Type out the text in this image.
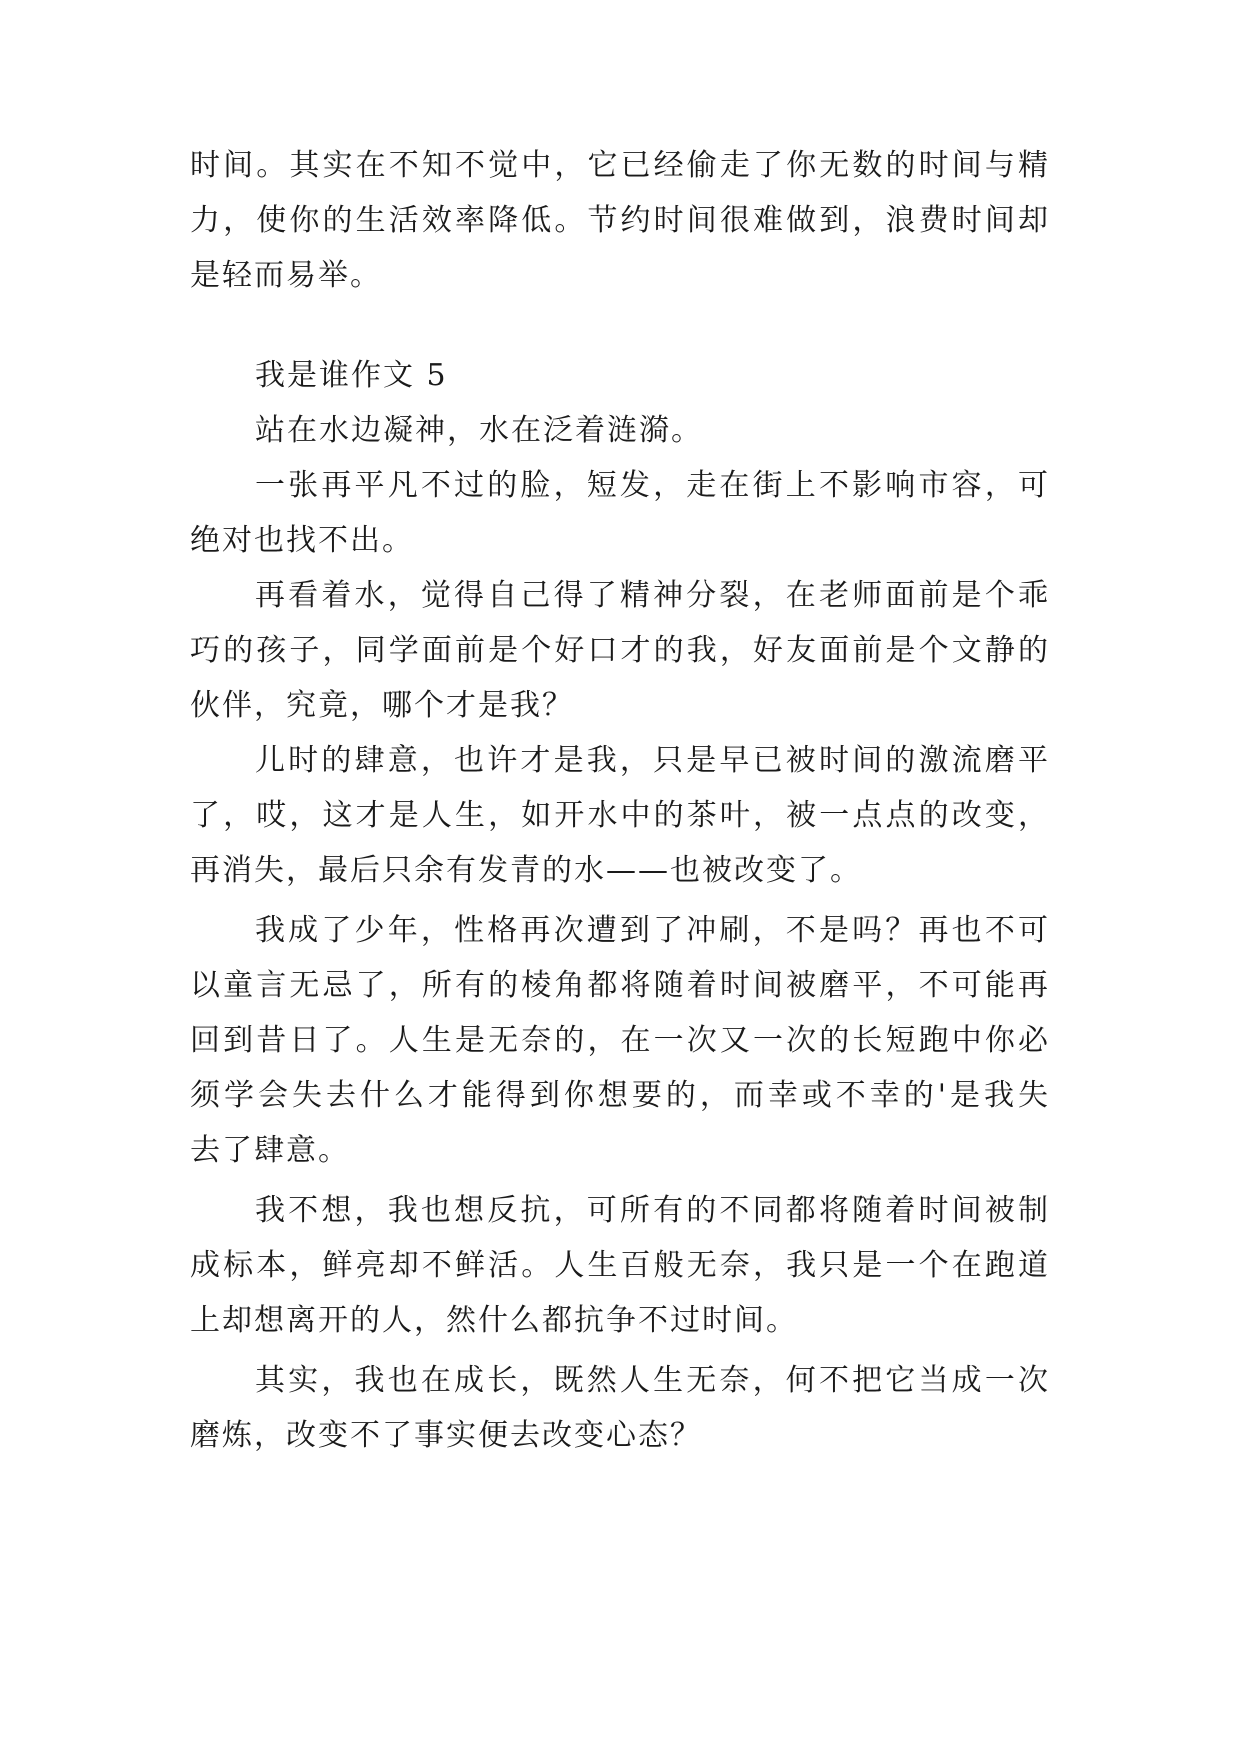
时间。其实在不知不觉中，它已经偷走了你无数的时间与精
力，使你的生活效率降低。节约时间很难做到，浪费时间却
是轻而易举。
我是谁作文 5
站在水边凝神，水在泛着涟漪。
一张再平凡不过的脸，短发，走在街上不影响市容，可
绝对也找不出。
再看着水，觉得自己得了精神分裂，在老师面前是个乖
巧的孩子，同学面前是个好口才的我，好友面前是个文静的
伙伴，究竟，哪个才是我？
儿时的肆意，也许才是我，只是早已被时间的激流磨平
了，哎，这才是人生，如开水中的茶叶，被一点点的改变，
再消失，最后只余有发青的水——也被改变了。
我成了少年，性格再次遭到了冲刷，不是吗？再也不可
以童言无忌了，所有的棱角都将随着时间被磨平，不可能再
回到昔日了。人生是无奈的，在一次又一次的长短跑中你必
须学会失去什么才能得到你想要的，而幸或不幸的'是我失
去了肆意。
我不想，我也想反抗，可所有的不同都将随着时间被制
成标本，鲜亮却不鲜活。人生百般无奈，我只是一个在跑道
上却想离开的人，然什么都抗争不过时间。
其实，我也在成长，既然人生无奈，何不把它当成一次
磨炼，改变不了事实便去改变心态？
